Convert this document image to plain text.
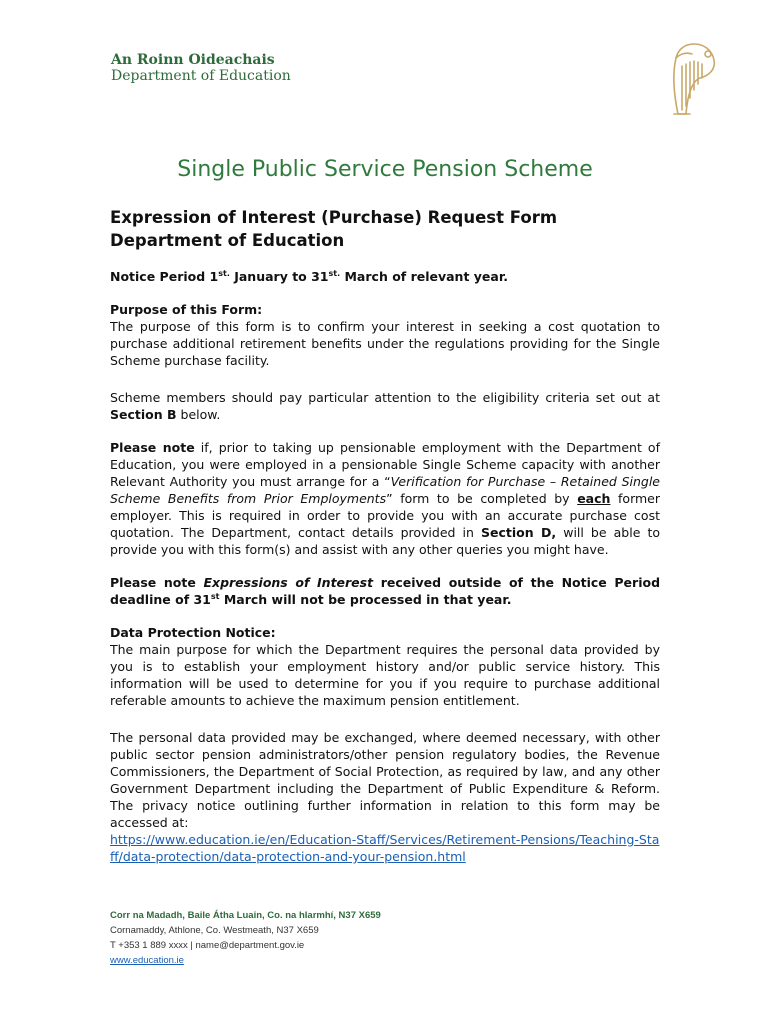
An Roinn Oideachais
Department of Education
Single Public Service Pension Scheme

Expression of Interest (Purchase) Request Form
Department of Education

Notice Period $1^{st.}$ January to $31^{st.}$ March of relevant year.

Purpose of this Form:

The purpose of this form is to confirm your interest in seeking a cost quotation to purchase additional retirement benefits under the regulations providing for the Single Scheme purchase facility.

Scheme members should pay particular attention to the eligibility criteria set out at Section B below.

Please note if, prior to taking up pensionable employment with the Department of Education, you were employed in a pensionable Single Scheme capacity with another Relevant Authority you must arrange for a “Verification for Purchase – Retained Single Scheme Benefits from Prior Employments” form to be completed by each former employer. This is required in order to provide you with an accurate purchase cost quotation. The Department, contact details provided in Section D, will be able to provide you with this form(s) and assist with any other queries you might have.

Please note Expressions of Interest received outside of the Notice Period deadline of 31st March will not be processed in that year.

Data Protection Notice:

The main purpose for which the Department requires the personal data provided by you is to establish your employment history and/or public service history. This information will be used to determine for you if you require to purchase additional referable amounts to achieve the maximum pension entitlement.

The personal data provided may be exchanged, where deemed necessary, with other public sector pension administrators/other pension regulatory bodies, the Revenue Commissioners, the Department of Social Protection, as required by law, and any other Government Department including the Department of Public Expenditure & Reform. The privacy notice outlining further information in relation to this form may be accessed at:

https://www.education.ie/en/Education-Staff/Services/Retirement-Pensions/Teaching-Staff/data-protection/data-protection-and-your-pension.html

Corr na Madadh, Baile Átha Luain, Co. na hIarmhí, N37 X659
Cornamaddy, Athlone, Co. Westmeath, N37 X659
T +353 1 889 xxxx | name@department.gov.ie
www.education.ie
